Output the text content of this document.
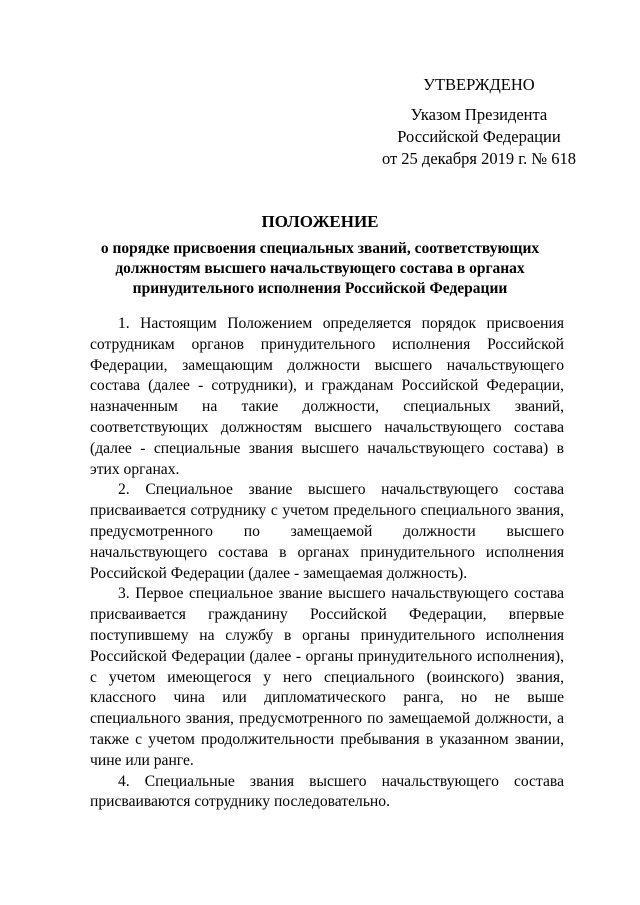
УТВЕРЖДЕНО
Указом Президента
Российской Федерации
от 25 декабря 2019 г. № 618
ПОЛОЖЕНИЕ
о порядке присвоения специальных званий, соответствующих
должностям высшего начальствующего состава в органах
принудительного исполнения Российской Федерации

1. Настоящим Положением определяется порядок присвоения сотрудникам органов принудительного исполнения Российской Федерации, замещающим должности высшего начальствующего состава (далее - сотрудники), и гражданам Российской Федерации, назначенным на такие должности, специальных званий, соответствующих должностям высшего начальствующего состава (далее - специальные звания высшего начальствующего состава) в этих органах.

2. Специальное звание высшего начальствующего состава присваивается сотруднику с учетом предельного специального звания, предусмотренного по замещаемой должности высшего начальствующего состава в органах принудительного исполнения Российской Федерации (далее - замещаемая должность).

3. Первое специальное звание высшего начальствующего состава присваивается гражданину Российской Федерации, впервые поступившему на службу в органы принудительного исполнения Российской Федерации (далее - органы принудительного исполнения), с учетом имеющегося у него специального (воинского) звания, классного чина или дипломатического ранга, но не выше специального звания, предусмотренного по замещаемой должности, а также с учетом продолжительности пребывания в указанном звании, чине или ранге.

4. Специальные звания высшего начальствующего состава присваиваются сотруднику последовательно.
